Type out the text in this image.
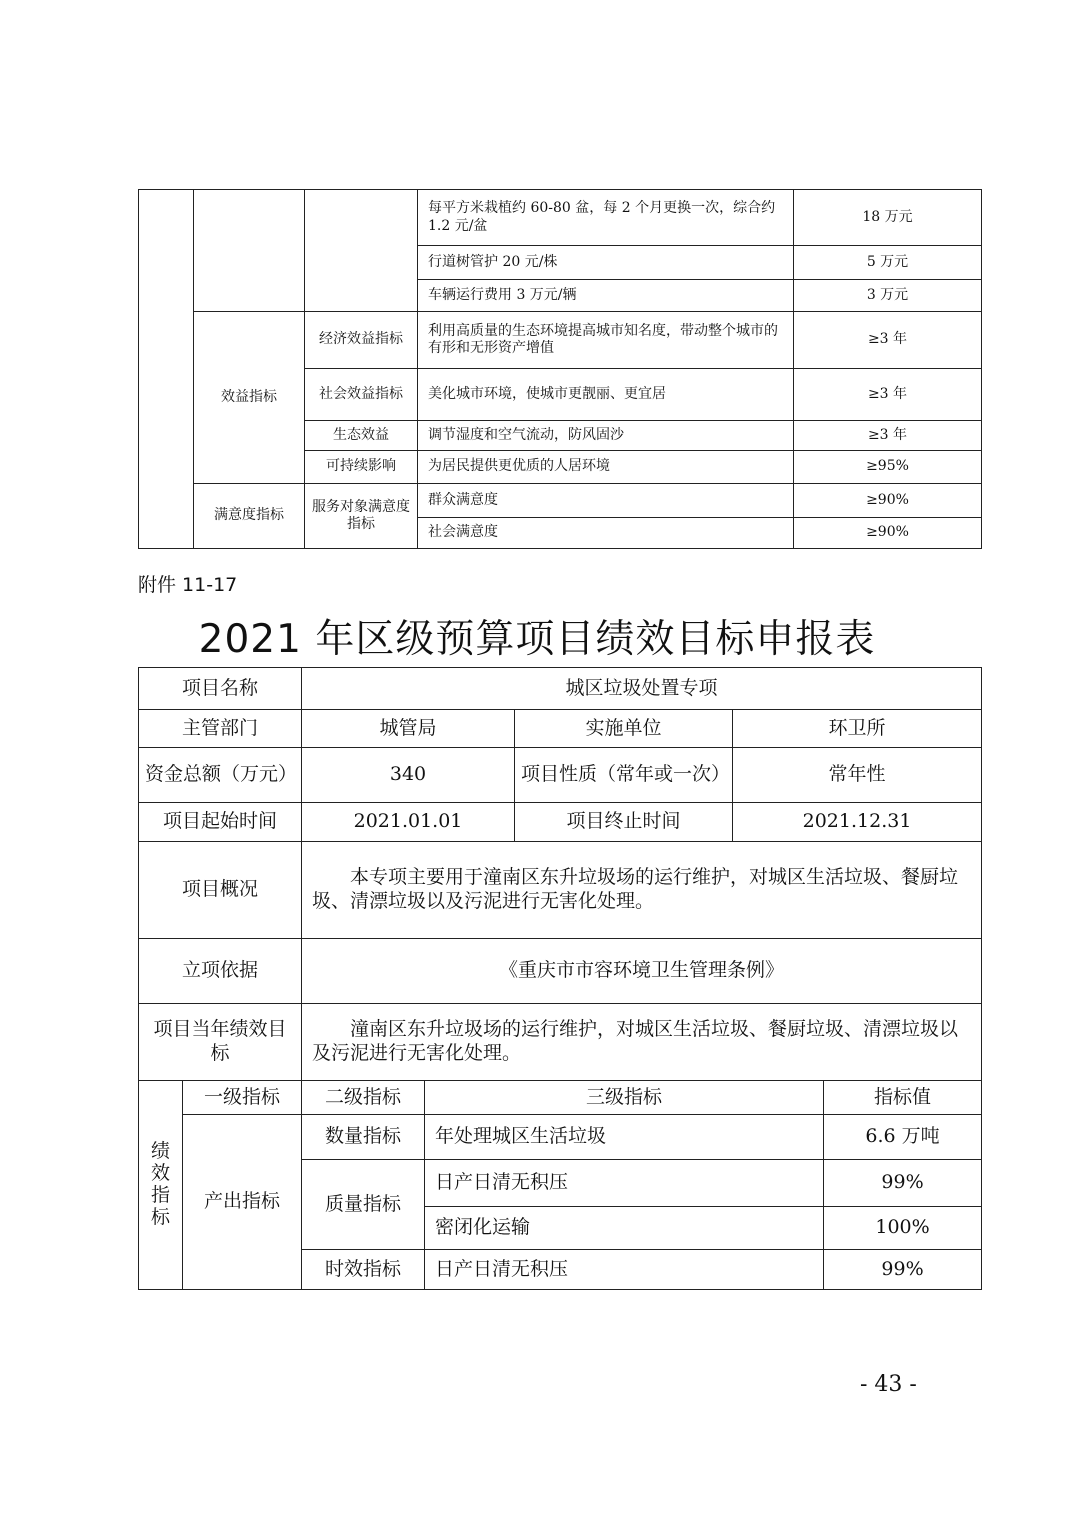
			每平方米栽植约 60-80 盆，每 2 个月更换一次，综合约 1.2 元/盆	18 万元
			行道树管护 20 元/株	5 万元
			车辆运行费用 3 万元/辆	3 万元
	效益指标	经济效益指标	利用高质量的生态环境提高城市知名度，带动整个城市的有形和无形资产增值	≥3 年
		社会效益指标	美化城市环境，使城市更靓丽、更宜居	≥3 年
		生态效益	调节湿度和空气流动，防风固沙	≥3 年
		可持续影响	为居民提供更优质的人居环境	≥95%
	满意度指标	服务对象满意度指标	群众满意度	≥90%
			社会满意度	≥90%
附件 11-17
2021 年区级预算项目绩效目标申报表
项目名称		城区垃圾处置专项				
主管部门		城管局		实施单位	环卫所	
资金总额（万元）		340		项目性质（常年或一次）	常年性	
项目起始时间		2021.01.01		项目终止时间	2021.12.31	
项目概况		本专项主要用于潼南区东升垃圾场的运行维护，对城区生活垃圾、餐厨垃圾、清漂垃圾以及污泥进行无害化处理。				
立项依据		《重庆市市容环境卫生管理条例》				
项目当年绩效目标		潼南区东升垃圾场的运行维护，对城区生活垃圾、餐厨垃圾、清漂垃圾以及污泥进行无害化处理。				
绩
效
指
标	一级指标	二级指标	三级指标			指标值
	产出指标	数量指标	年处理城区生活垃圾			6.6 万吨
		质量指标	日产日清无积压			99%
			密闭化运输			100%
		时效指标	日产日清无积压			99%
- 43 -
